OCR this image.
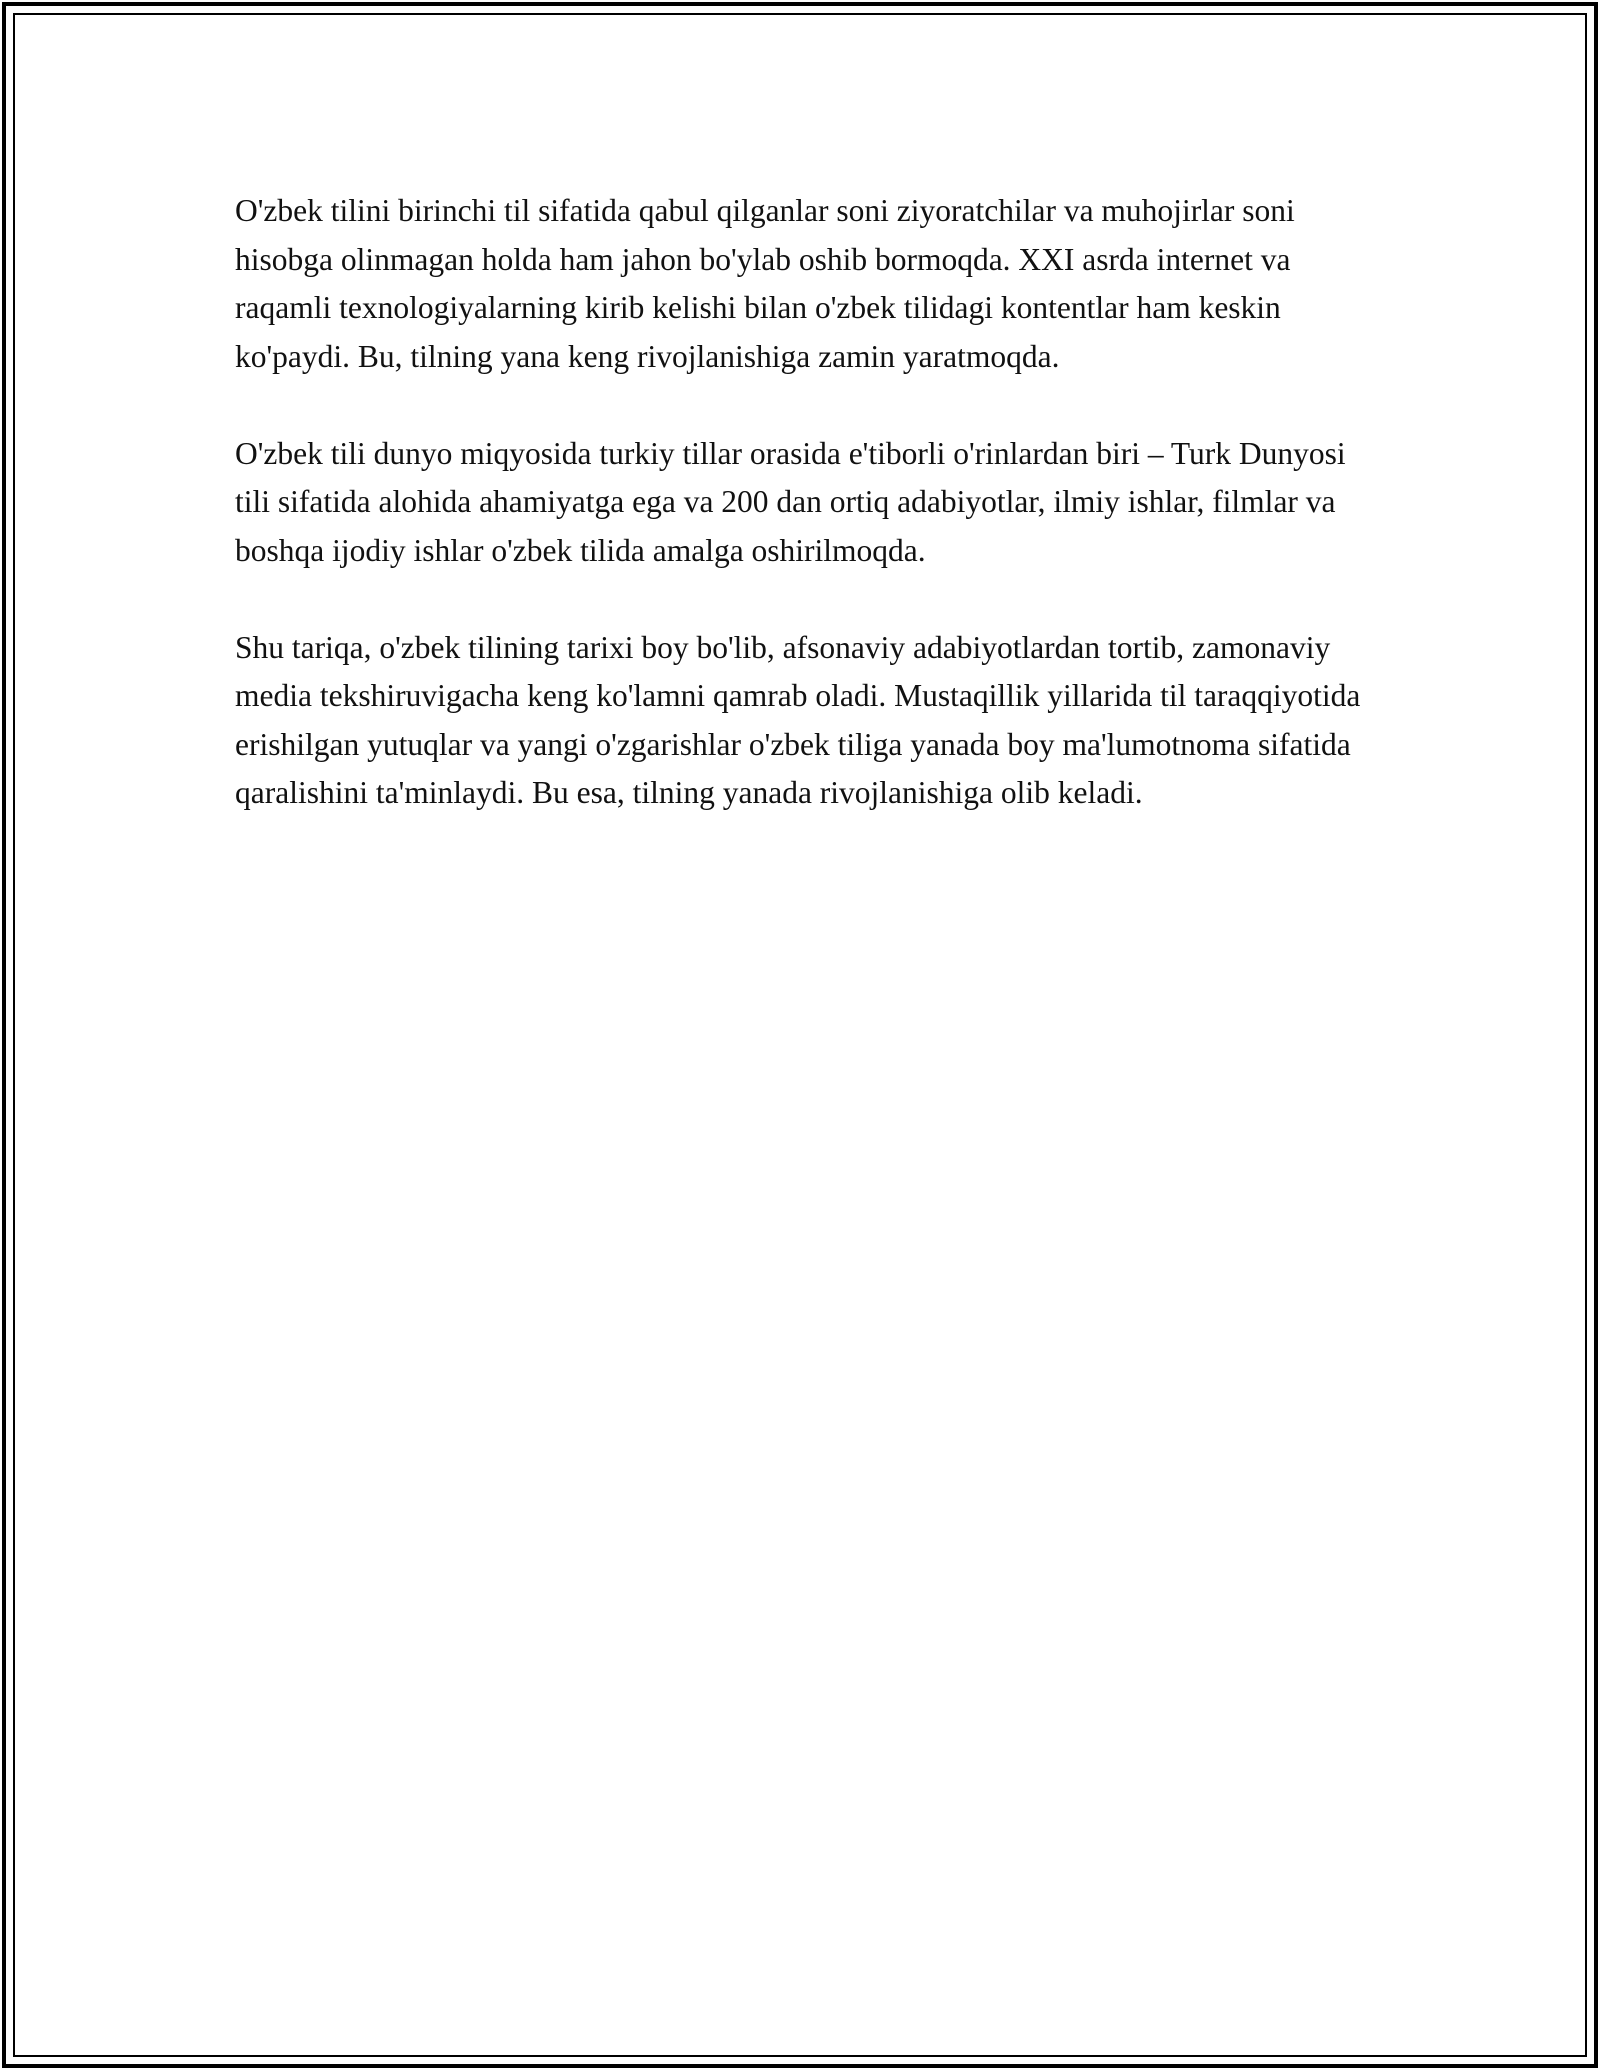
O'zbek tilini birinchi til sifatida qabul qilganlar soni ziyoratchilar va muhojirlar soni hisobga olinmagan holda ham jahon bo'ylab oshib bormoqda. XXI asrda internet va raqamli texnologiyalarning kirib kelishi bilan o'zbek tilidagi kontentlar ham keskin ko'paydi. Bu, tilning yana keng rivojlanishiga zamin yaratmoqda.

O'zbek tili dunyo miqyosida turkiy tillar orasida e'tiborli o'rinlardan biri – Turk Dunyosi tili sifatida alohida ahamiyatga ega va 200 dan ortiq adabiyotlar, ilmiy ishlar, filmlar va boshqa ijodiy ishlar o'zbek tilida amalga oshirilmoqda.

Shu tariqa, o'zbek tilining tarixi boy bo'lib, afsonaviy adabiyotlardan tortib, zamonaviy media tekshiruvigacha keng ko'lamni qamrab oladi. Mustaqillik yillarida til taraqqiyotida erishilgan yutuqlar va yangi o'zgarishlar o'zbek tiliga yanada boy ma'lumotnoma sifatida qaralishini ta'minlaydi. Bu esa, tilning yanada rivojlanishiga olib keladi.
